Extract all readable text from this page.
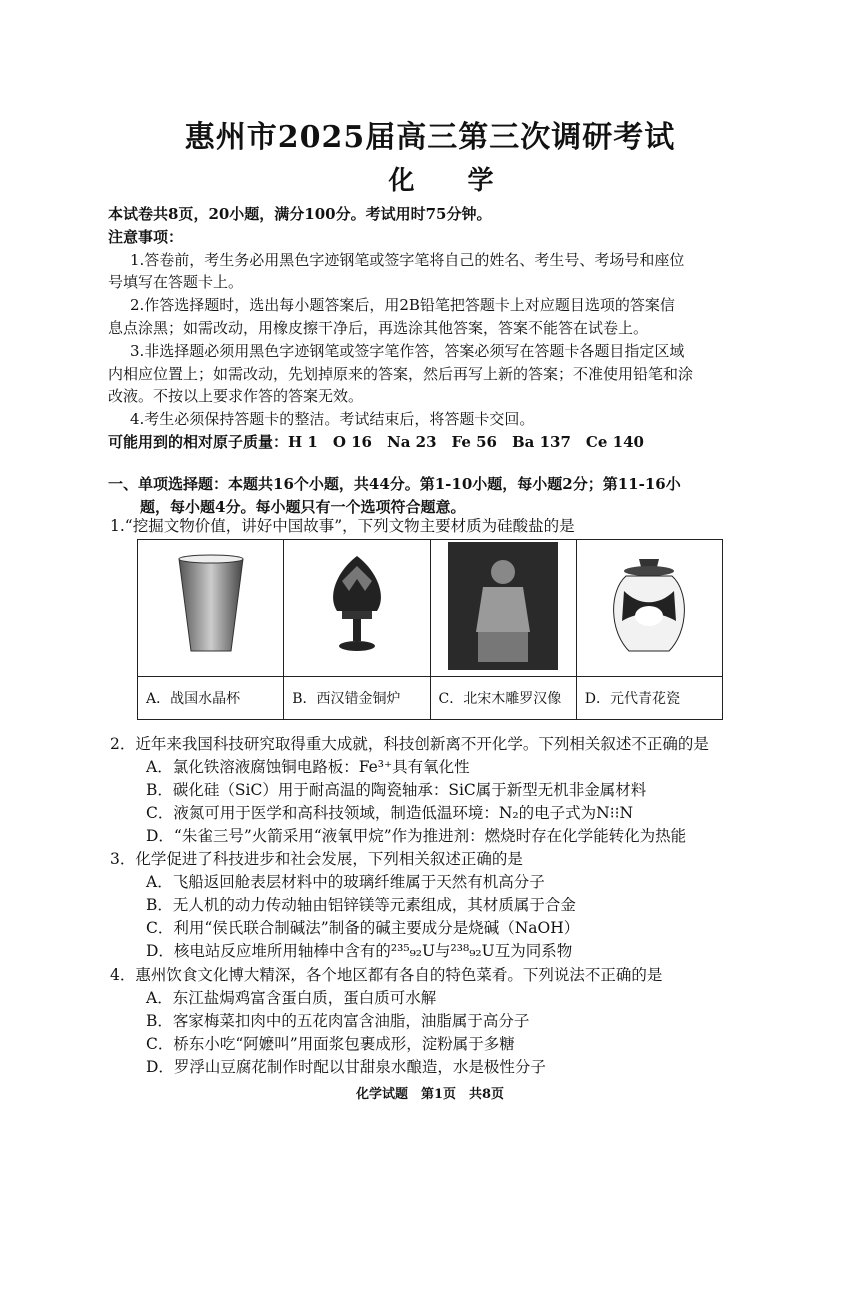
惠州市2025届高三第三次调研考试
化 学
本试卷共8页，20小题，满分100分。考试用时75分钟。
注意事项：
1.答卷前，考生务必用黑色字迹钢笔或签字笔将自己的姓名、考生号、考场号和座位
号填写在答题卡上。
2.作答选择题时，选出每小题答案后，用2B铅笔把答题卡上对应题目选项的答案信
息点涂黑；如需改动，用橡皮擦干净后，再选涂其他答案，答案不能答在试卷上。
3.非选择题必须用黑色字迹钢笔或签字笔作答，答案必须写在答题卡各题目指定区域
内相应位置上；如需改动，先划掉原来的答案，然后再写上新的答案；不准使用铅笔和涂
改液。不按以上要求作答的答案无效。
4.考生必须保持答题卡的整洁。考试结束后，将答题卡交回。
可能用到的相对原子质量：H 1　O 16　Na 23　Fe 56　Ba 137　Ce 140
一、单项选择题：本题共16个小题，共44分。第1-10小题，每小题2分；第11-16小
题，每小题4分。每小题只有一个选项符合题意。
1.“挖掘文物价值，讲好中国故事”，下列文物主要材质为硅酸盐的是

A．战国水晶杯	B．西汉错金铜炉	C．北宋木雕罗汉像	D．元代青花瓷
2．近年来我国科技研究取得重大成就，科技创新离不开化学。下列相关叙述不正确的是
A．氯化铁溶液腐蚀铜电路板：Fe³⁺具有氧化性
B．碳化硅（SiC）用于耐高温的陶瓷轴承：SiC属于新型无机非金属材料
C．液氮可用于医学和高科技领域，制造低温环境：N₂的电子式为N⁝⁝N
D．“朱雀三号”火箭采用“液氧甲烷”作为推进剂：燃烧时存在化学能转化为热能
3．化学促进了科技进步和社会发展，下列相关叙述正确的是
A．飞船返回舱表层材料中的玻璃纤维属于天然有机高分子
B．无人机的动力传动轴由铝锌镁等元素组成，其材质属于合金
C．利用“侯氏联合制碱法”制备的碱主要成分是烧碱（NaOH）
D．核电站反应堆所用轴棒中含有的²³⁵₉₂U与²³⁸₉₂U互为同系物
4．惠州饮食文化博大精深，各个地区都有各自的特色菜肴。下列说法不正确的是
A．东江盐焗鸡富含蛋白质，蛋白质可水解
B．客家梅菜扣肉中的五花肉富含油脂，油脂属于高分子
C．桥东小吃“阿嬷叫”用面浆包裹成形，淀粉属于多糖
D．罗浮山豆腐花制作时配以甘甜泉水酿造，水是极性分子
化学试题　第1页　共8页
